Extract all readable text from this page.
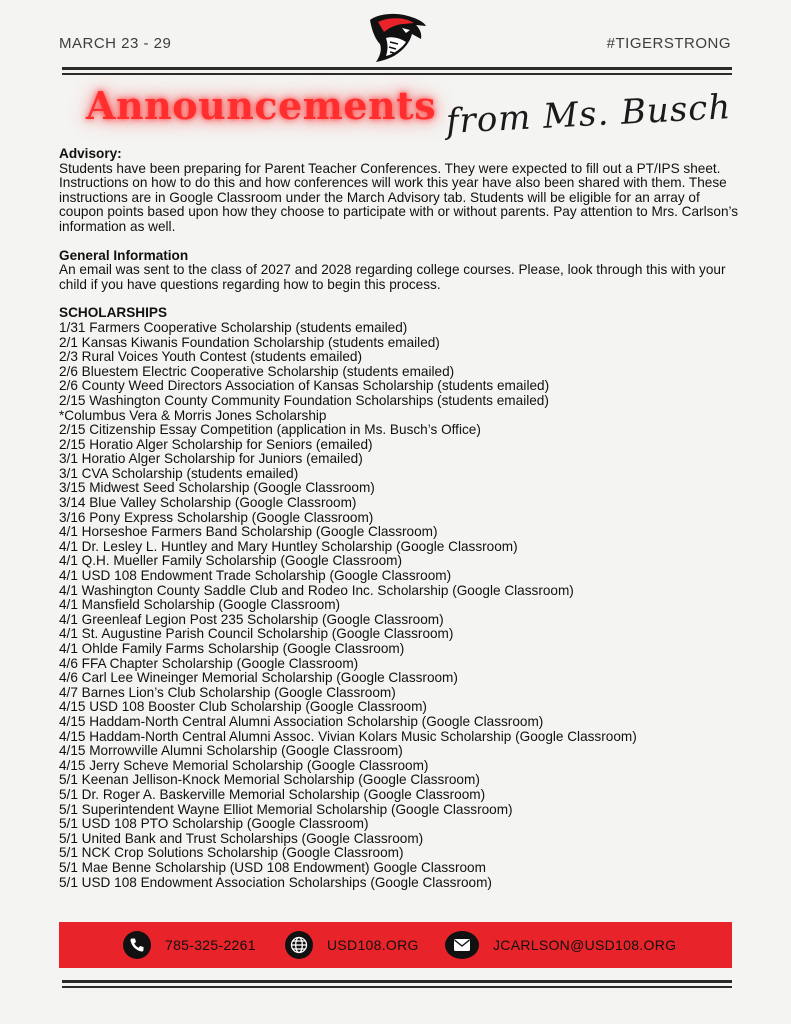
MARCH 23 - 29	#TIGERSTRONG
Announcements from Ms. Busch

Advisory:

Students have been preparing for Parent Teacher Conferences. They were expected to fill out a PT/IPS sheet. Instructions on how to do this and how conferences will work this year have also been shared with them. These instructions are in Google Classroom under the March Advisory tab. Students will be eligible for an array of coupon points based upon how they choose to participate with or without parents. Pay attention to Mrs. Carlson’s information as well.

General Information

An email was sent to the class of 2027 and 2028 regarding college courses. Please, look through this with your child if you have questions regarding how to begin this process.

SCHOLARSHIPS

1/31 Farmers Cooperative Scholarship (students emailed)
2/1 Kansas Kiwanis Foundation Scholarship (students emailed)
2/3 Rural Voices Youth Contest (students emailed)
2/6 Bluestem Electric Cooperative Scholarship (students emailed)
2/6 County Weed Directors Association of Kansas Scholarship (students emailed)
2/15 Washington County Community Foundation Scholarships (students emailed)
*Columbus Vera & Morris Jones Scholarship
2/15 Citizenship Essay Competition (application in Ms. Busch’s Office)
2/15 Horatio Alger Scholarship for Seniors (emailed)
3/1 Horatio Alger Scholarship for Juniors (emailed)
3/1 CVA Scholarship (students emailed)
3/15 Midwest Seed Scholarship (Google Classroom)
3/14 Blue Valley Scholarship (Google Classroom)
3/16 Pony Express Scholarship (Google Classroom)
4/1 Horseshoe Farmers Band Scholarship (Google Classroom)
4/1 Dr. Lesley L. Huntley and Mary Huntley Scholarship (Google Classroom)
4/1 Q.H. Mueller Family Scholarship (Google Classroom)
4/1 USD 108 Endowment Trade Scholarship (Google Classroom)
4/1 Washington County Saddle Club and Rodeo Inc. Scholarship (Google Classroom)
4/1 Mansfield Scholarship (Google Classroom)
4/1 Greenleaf Legion Post 235 Scholarship (Google Classroom)
4/1 St. Augustine Parish Council Scholarship (Google Classroom)
4/1 Ohlde Family Farms Scholarship (Google Classroom)
4/6 FFA Chapter Scholarship (Google Classroom)
4/6 Carl Lee Wineinger Memorial Scholarship (Google Classroom)
4/7 Barnes Lion’s Club Scholarship (Google Classroom)
4/15 USD 108 Booster Club Scholarship (Google Classroom)
4/15 Haddam-North Central Alumni Association Scholarship (Google Classroom)
4/15 Haddam-North Central Alumni Assoc. Vivian Kolars Music Scholarship (Google Classroom)
4/15 Morrowville Alumni Scholarship (Google Classroom)
4/15 Jerry Scheve Memorial Scholarship (Google Classroom)
5/1 Keenan Jellison-Knock Memorial Scholarship (Google Classroom)
5/1 Dr. Roger A. Baskerville Memorial Scholarship (Google Classroom)
5/1 Superintendent Wayne Elliot Memorial Scholarship (Google Classroom)
5/1 USD 108 PTO Scholarship (Google Classroom)
5/1 United Bank and Trust Scholarships (Google Classroom)
5/1 NCK Crop Solutions Scholarship (Google Classroom)
5/1 Mae Benne Scholarship (USD 108 Endowment) Google Classroom
5/1 USD 108 Endowment Association Scholarships (Google Classroom)
785-325-2261	USD108.ORG	JCARLSON@USD108.ORG
